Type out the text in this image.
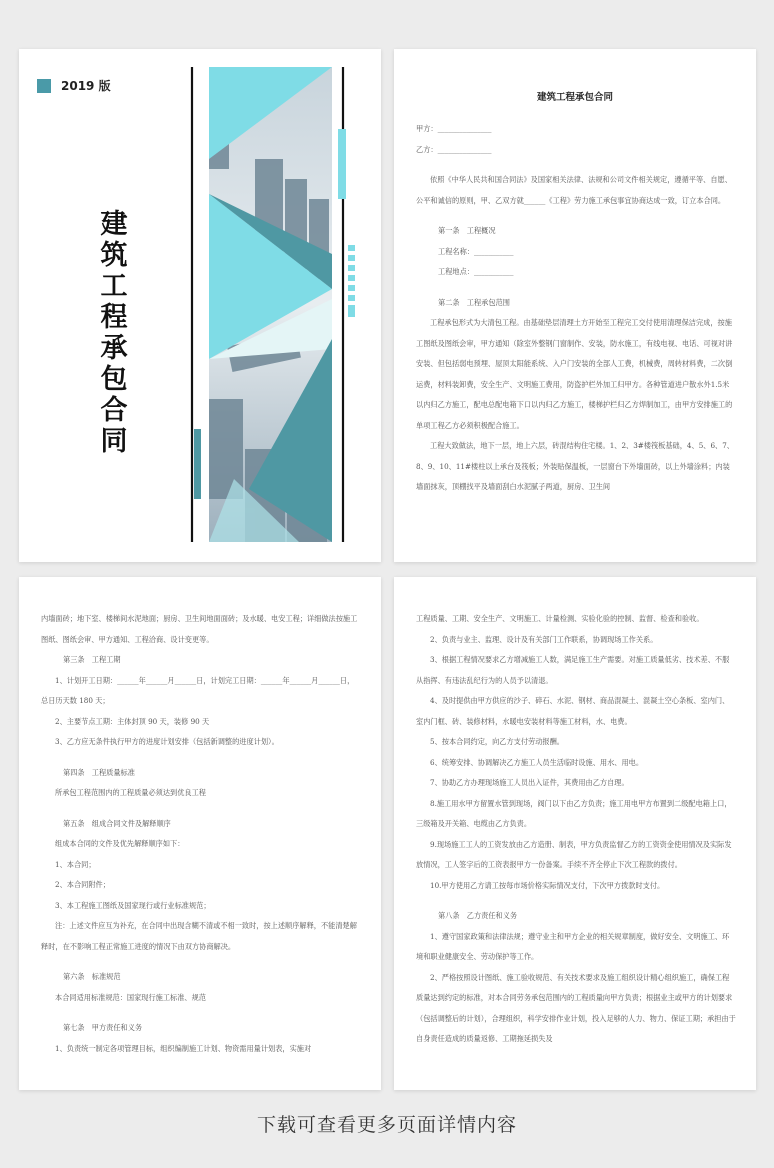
2019 版
建筑工程承包合同
建筑工程承包合同

甲方：_______________

乙方：_______________

依照《中华人民共和国合同法》及国家相关法律、法规和公司文件相关规定，遵循平等、自愿、公平和诚信的原则，甲、乙双方就______《工程》劳力施工承包事宜协商达成一致，订立本合同。

第一条　工程概况

工程名称：___________

工程地点：___________

第二条　工程承包范围

工程承包形式为大清包工程。由基础垫层清理土方开始至工程完工交付使用清理保洁完成，按施工图纸及图纸会审，甲方通知（除室外整钢门窗制作、安装，防水施工，有线电视、电话、可视对讲安装、但包括弱电预埋、屋顶太阳能系统、入户门安装的全部人工费，机械费，周转材料费，二次倒运费，材料装卸费，安全生产、文明施工费用，防盗护栏外加工归甲方。各种管道进户散水外1.5米以内归乙方施工，配电总配电箱下口以内归乙方施工，楼梯护栏归乙方焊制加工，由甲方安排施工的单项工程乙方必须积极配合施工。

工程大致做法，地下一层，地上六层，砖混结构住宅楼。1、2、3#楼筏板基础，4、5、6、7、8、9、10、11#楼柱以上承台及筏板；外装贴保温板，一层窗台下外墙面砖，以上外墙涂料；内装墙面抹灰，顶棚找平及墙面刮白水泥腻子两道，厨房、卫生间

内墙面砖；地下室、楼梯间水泥地面；厨房、卫生间地面面砖；及水暖、电安工程；详细做法按施工图纸、图纸会审、甲方通知、工程洽商、设计变更等。

第三条　工程工期

1、计划开工日期：______年______月______日，计划完工日期：______年______月______日，总日历天数 180 天；

2、主要节点工期：主体封顶 90 天，装修 90 天

3、乙方应无条件执行甲方的进度计划安排（包括新调整的进度计划）。

第四条　工程质量标准

所承包工程范围内的工程质量必须达到优良工程

第五条　组成合同文件及解释顺序

组成本合同的文件及优先解释顺序如下：

1、本合同；

2、本合同附件；

3、本工程施工图纸及国家现行或行业标准规范；

注：上述文件应互为补充，在合同中出现含糊不清或不相一致时，按上述顺序解释，不能清楚解释时，在不影响工程正常施工进度的情况下由双方协商解决。

第六条　标准规范

本合同适用标准规范：国家现行施工标准、规范

第七条　甲方责任和义务

1、负责统一制定各项管理目标，组织编制施工计划、物资需用量计划表，实施对

工程质量、工期、安全生产、文明施工、计量检测、实验化验的控制、监督、检查和验收。

2、负责与业主、监理、设计及有关部门工作联系，协调现场工作关系。

3、根据工程情况要求乙方增减施工人数，满足施工生产需要。对施工质量低劣、技术差、不服从指挥、有违法乱纪行为的人员予以清退。

4、及时提供由甲方供应的沙子、碎石、水泥、钢材、商品混凝土、混凝土空心条板、室内门、室内门框、砖、装修材料，水暖电安装材料等施工材料，水、电费。

5、按本合同约定，向乙方支付劳动报酬。

6、统筹安排、协调解决乙方施工人员生活临时设施、用水、用电。

7、协助乙方办理现场施工人员出入证件，其费用由乙方自理。

8.施工用水甲方留置水管到现场，阀门以下由乙方负责；施工用电甲方布置到二级配电箱上口，三级箱及开关箱、电缆由乙方负责。

9.现场施工工人的工资发放由乙方造册、制表，甲方负责监督乙方的工资资金使用情况及实际发放情况，工人签字后的工资表报甲方一份备案。手续不齐全停止下次工程款的拨付。

10.甲方使用乙方请工按每市场价格实际情况支付，下次甲方拨款时支付。

第八条　乙方责任和义务

1、遵守国家政策和法律法规；遵守业主和甲方企业的相关规章制度，做好安全、文明施工、环境和职业健康安全、劳动保护等工作。

2、严格按照设计图纸、施工验收规范、有关技术要求及施工组织设计精心组织施工，确保工程质量达到约定的标准，对本合同劳务承包范围内的工程质量向甲方负责；根据业主或甲方的计划要求（包括调整后的计划），合理组织，科学安排作业计划，投入足够的人力、物力、保证工期；承担由于自身责任造成的质量返修、工期拖延损失及

下载可查看更多页面详情内容
